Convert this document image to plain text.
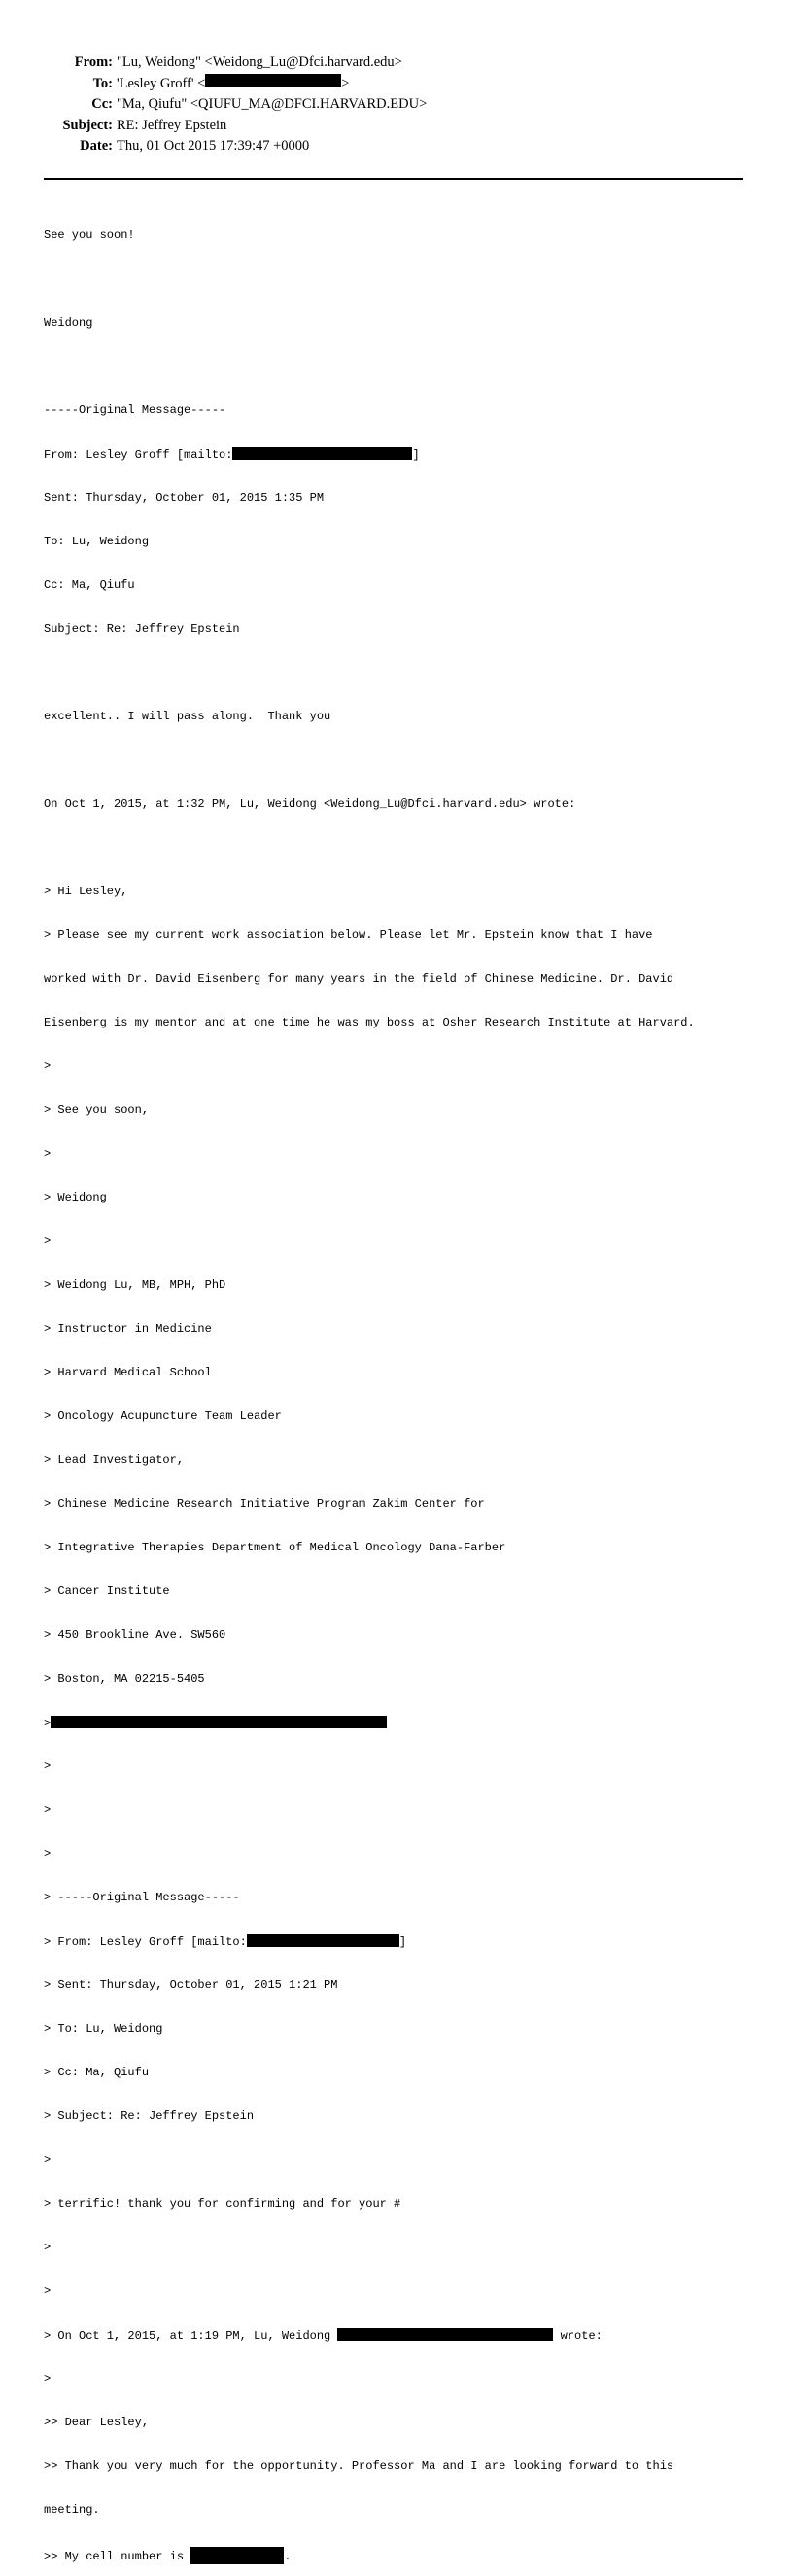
From: "Lu, Weidong" <Weidong_Lu@Dfci.harvard.edu>
To: 'Lesley Groff' <	>
Cc: "Ma, Qiufu" <QIUFU_MA@DFCI.HARVARD.EDU>
Subject: RE: Jeffrey Epstein
Date: Thu, 01 Oct 2015 17:39:47 +0000

See you soon!

Weidong

-----Original Message-----

From: Lesley Groff [mailto:	]

Sent: Thursday, October 01, 2015 1:35 PM

To: Lu, Weidong

Cc: Ma, Qiufu

Subject: Re: Jeffrey Epstein

excellent.. I will pass along.  Thank you

On Oct 1, 2015, at 1:32 PM, Lu, Weidong <Weidong_Lu@Dfci.harvard.edu> wrote:

> Hi Lesley,

> Please see my current work association below. Please let Mr. Epstein know that I have

worked with Dr. David Eisenberg for many years in the field of Chinese Medicine. Dr. David

Eisenberg is my mentor and at one time he was my boss at Osher Research Institute at Harvard.

>

> See you soon,

>

> Weidong

>

> Weidong Lu, MB, MPH, PhD

> Instructor in Medicine

> Harvard Medical School

> Oncology Acupuncture Team Leader

> Lead Investigator,

> Chinese Medicine Research Initiative Program Zakim Center for

> Integrative Therapies Department of Medical Oncology Dana-Farber

> Cancer Institute

> 450 Brookline Ave. SW560

> Boston, MA 02215-5405

>

>

>

>

> -----Original Message-----

> From: Lesley Groff [mailto:	]

> Sent: Thursday, October 01, 2015 1:21 PM

> To: Lu, Weidong

> Cc: Ma, Qiufu

> Subject: Re: Jeffrey Epstein

>

> terrific! thank you for confirming and for your #

>

>

> On Oct 1, 2015, at 1:19 PM, Lu, Weidong	wrote:

>

>> Dear Lesley,

>> Thank you very much for the opportunity. Professor Ma and I are looking forward to this

meeting.

>> My cell number is	.
